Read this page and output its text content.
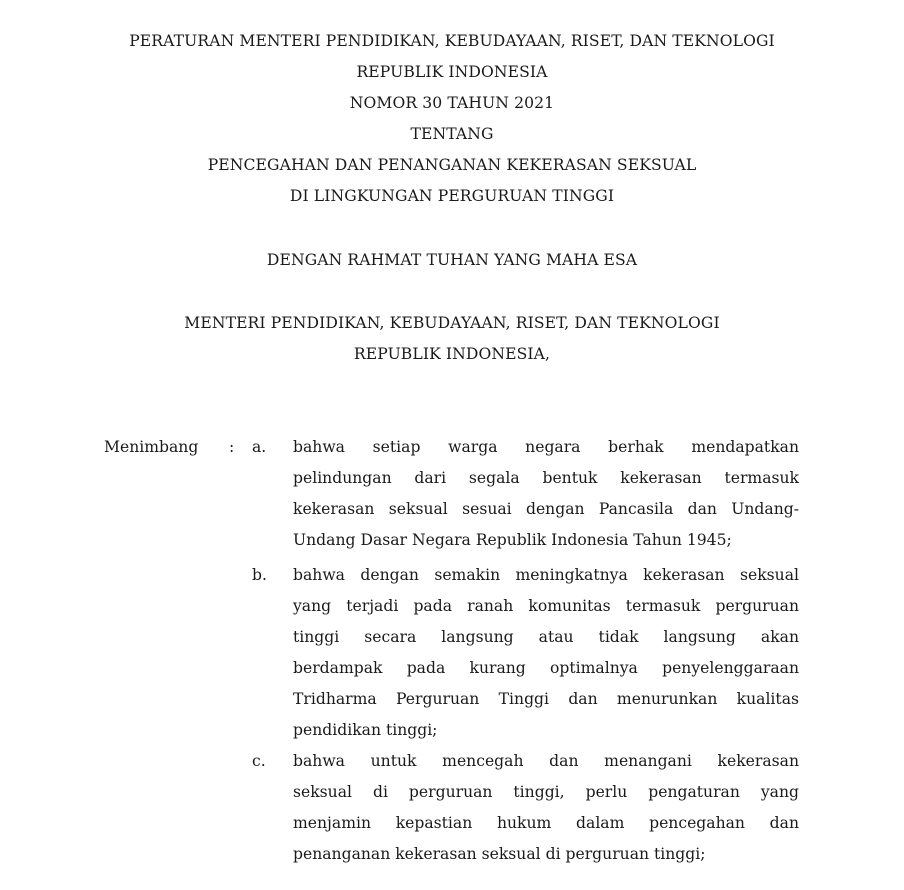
PERATURAN MENTERI PENDIDIKAN, KEBUDAYAAN, RISET, DAN TEKNOLOGI
REPUBLIK INDONESIA
NOMOR 30 TAHUN 2021
TENTANG
PENCEGAHAN DAN PENANGANAN KEKERASAN SEKSUAL
DI LINGKUNGAN PERGURUAN TINGGI
DENGAN RAHMAT TUHAN YANG MAHA ESA
MENTERI PENDIDIKAN, KEBUDAYAAN, RISET, DAN TEKNOLOGI
REPUBLIK INDONESIA,
Menimbang : a. bahwa setiap warga negara berhak mendapatkan
pelindungan dari segala bentuk kekerasan termasuk
kekerasan seksual sesuai dengan Pancasila dan Undang-
Undang Dasar Negara Republik Indonesia Tahun 1945;
b. bahwa dengan semakin meningkatnya kekerasan seksual
yang terjadi pada ranah komunitas termasuk perguruan
tinggi secara langsung atau tidak langsung akan
berdampak pada kurang optimalnya penyelenggaraan
Tridharma Perguruan Tinggi dan menurunkan kualitas
pendidikan tinggi;
c. bahwa untuk mencegah dan menangani kekerasan
seksual di perguruan tinggi, perlu pengaturan yang
menjamin kepastian hukum dalam pencegahan dan
penanganan kekerasan seksual di perguruan tinggi;
